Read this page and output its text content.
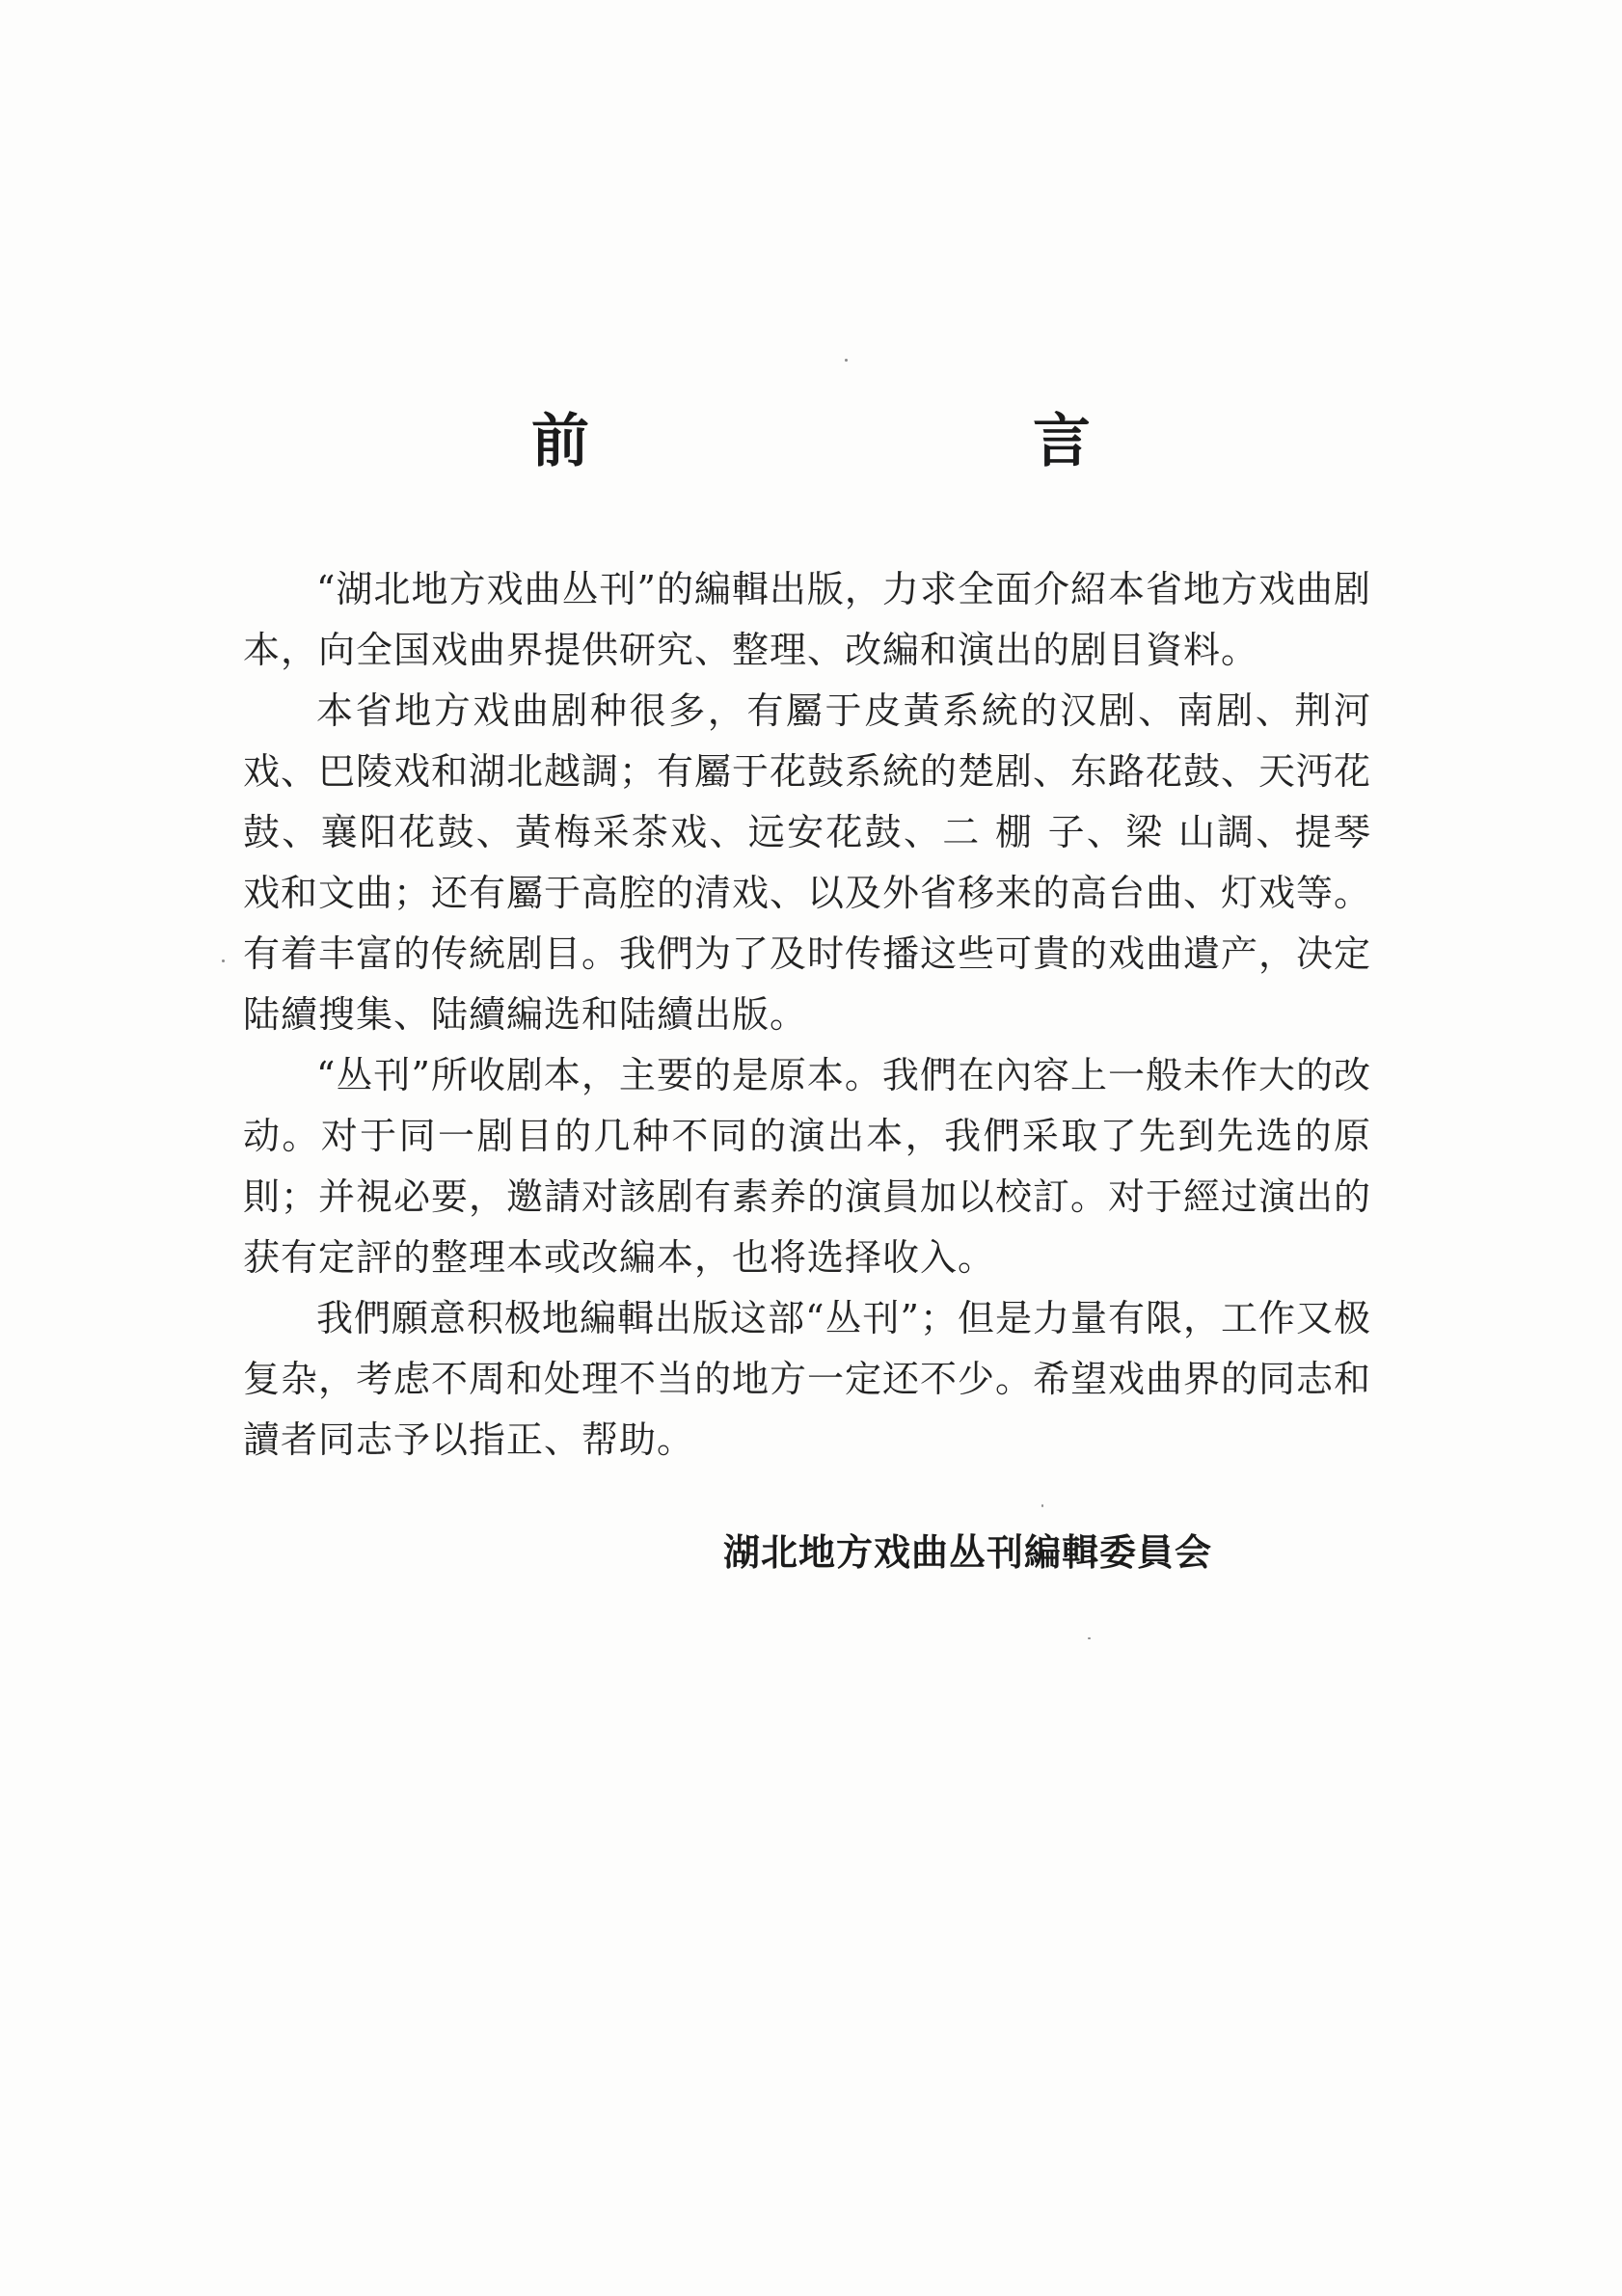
前　言

“湖北地方戏曲丛刊”的編輯出版，力求全面介紹本省地方戏曲剧本，向全国戏曲界提供研究、整理、改編和演出的剧目資料。

本省地方戏曲剧种很多，有屬于皮黃系統的汉剧、南剧、荆河戏、巴陵戏和湖北越調；有屬于花鼓系統的楚剧、东路花鼓、天沔花鼓、襄阳花鼓、黃梅采茶戏、远安花鼓、二 棚 子、梁 山調、提琴戏和文曲；还有屬于高腔的清戏、以及外省移来的高台曲、灯戏等。有着丰富的传統剧目。我們为了及时传播这些可貴的戏曲遺产，决定陆續搜集、陆續編选和陆續出版。

“丛刊”所收剧本，主要的是原本。我們在內容上一般未作大的改动。对于同一剧目的几种不同的演出本，我們采取了先到先选的原則；并視必要，邀請对該剧有素养的演員加以校訂。对于經过演出的获有定評的整理本或改編本，也将选择收入。

我們願意积极地編輯出版这部“丛刊”；但是力量有限，工作又极复杂，考虑不周和处理不当的地方一定还不少。希望戏曲界的同志和讀者同志予以指正、帮助。

湖北地方戏曲丛刊編輯委員会
